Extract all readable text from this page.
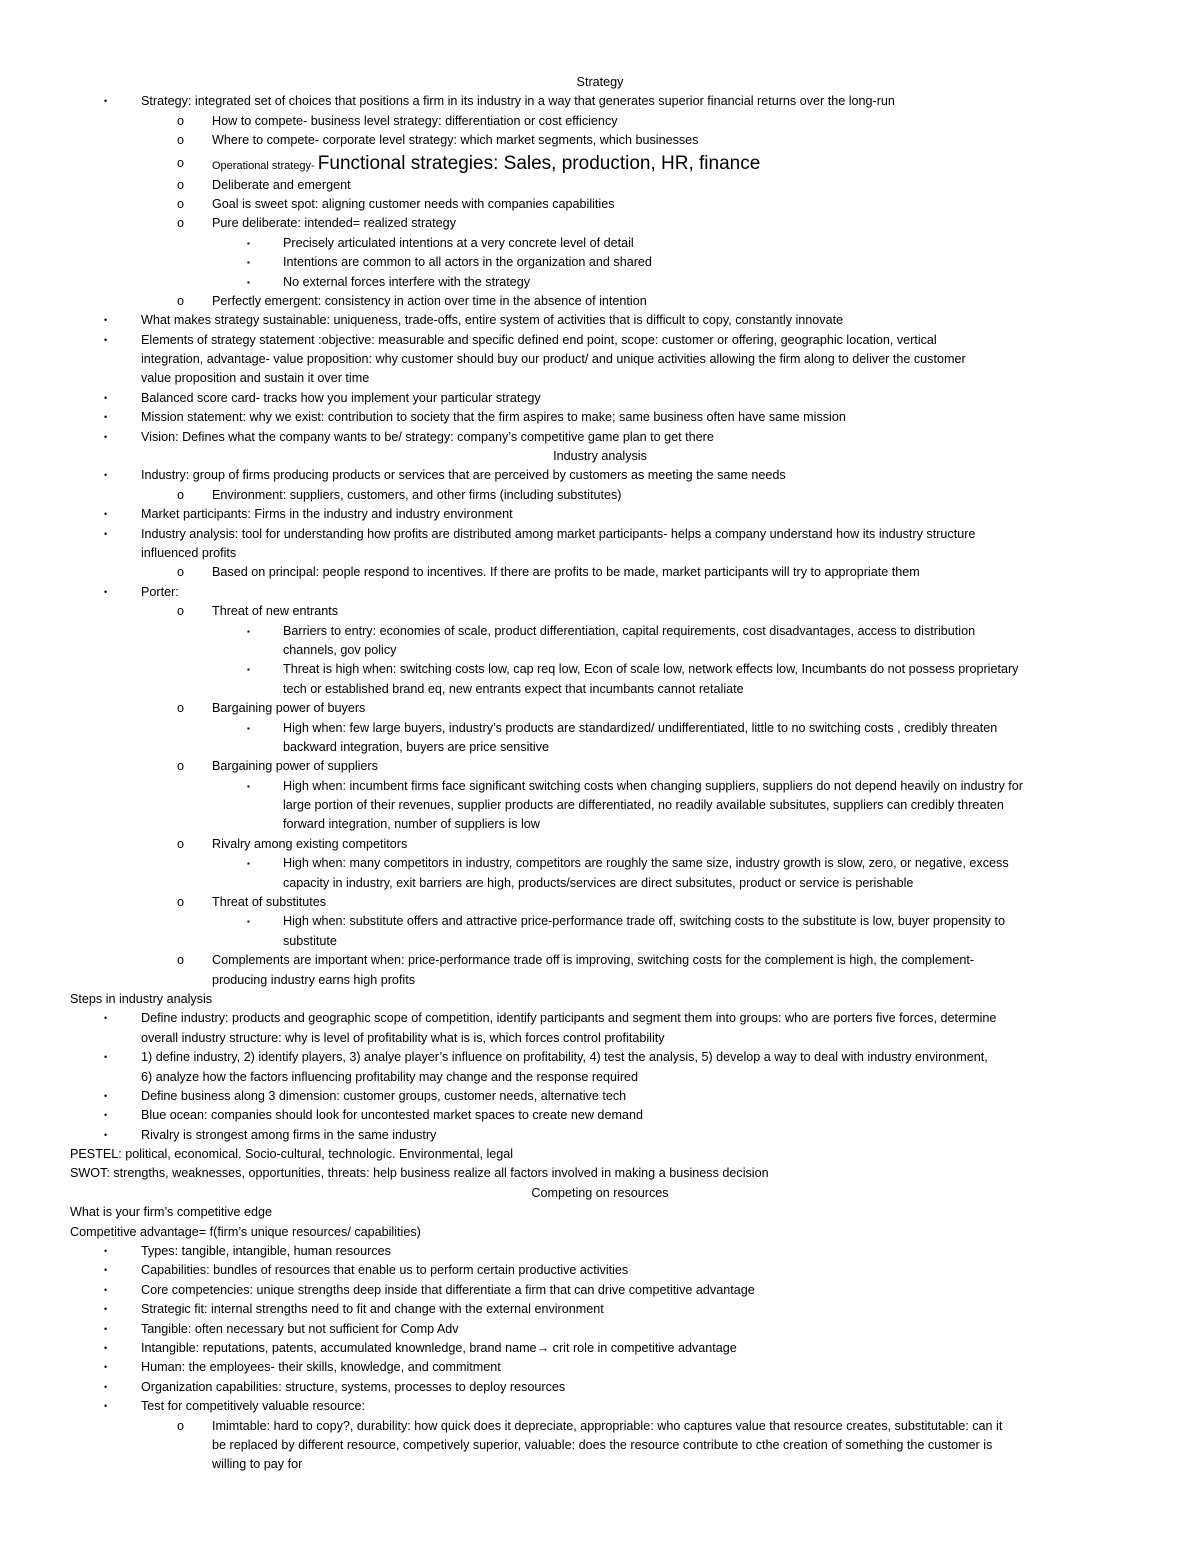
Strategy
•	Strategy: integrated set of choices that positions a firm in its industry in a way that generates superior financial returns over the long-run
o How to compete- business level strategy: differentiation or cost efficiency
o Where to compete- corporate level strategy: which market segments, which businesses
o	Operational strategy- Functional strategies: Sales, production, HR, finance
o Deliberate and emergent
o Goal is sweet spot: aligning customer needs with companies capabilities
o Pure deliberate: intended= realized strategy
▪	Precisely articulated intentions at a very concrete level of detail
▪	Intentions are common to all actors in the organization and shared
▪	No external forces interfere with the strategy
o Perfectly emergent: consistency in action over time in the absence of intention
•	What makes strategy sustainable: uniqueness, trade-offs, entire system of activities that is difficult to copy, constantly innovate
•	Elements of strategy statement :objective: measurable and specific defined end point, scope: customer or offering, geographic location, vertical
integration, advantage- value proposition: why customer should buy our product/ and unique activities allowing the firm along to deliver the customer
value proposition and sustain it over time
•	Balanced score card- tracks how you implement your particular strategy
•	Mission statement: why we exist: contribution to society that the firm aspires to make; same business often have same mission
•	Vision: Defines what the company wants to be/ strategy: company’s competitive game plan to get there
Industry analysis
•	Industry: group of firms producing products or services that are perceived by customers as meeting the same needs
o Environment: suppliers, customers, and other firms (including substitutes)
•	Market participants: Firms in the industry and industry environment
•	Industry analysis: tool for understanding how profits are distributed among market participants- helps a company understand how its industry structure
influenced profits
o Based on principal: people respond to incentives. If there are profits to be made, market participants will try to appropriate them
•	Porter:
o Threat of new entrants
▪	Barriers to entry: economies of scale, product differentiation, capital requirements, cost disadvantages, access to distribution
channels, gov policy
▪	Threat is high when: switching costs low, cap req low, Econ of scale low, network effects low, Incumbants do not possess proprietary
tech or established brand eq, new entrants expect that incumbants cannot retaliate
o Bargaining power of buyers
▪	High when: few large buyers, industry’s products are standardized/ undifferentiated, little to no switching costs , credibly threaten
backward integration, buyers are price sensitive
o Bargaining power of suppliers
▪	High when: incumbent firms face significant switching costs when changing suppliers, suppliers do not depend heavily on industry for
large portion of their revenues, supplier products are differentiated, no readily available subsitutes, suppliers can credibly threaten
forward integration, number of suppliers is low
o Rivalry among existing competitors
▪	High when: many competitors in industry, competitors are roughly the same size, industry growth is slow, zero, or negative, excess
capacity in industry, exit barriers are high, products/services are direct subsitutes, product or service is perishable
o Threat of substitutes
▪	High when: substitute offers and attractive price-performance trade off, switching costs to the substitute is low, buyer propensity to
substitute
o Complements are important when: price-performance trade off is improving, switching costs for the complement is high, the complement-
producing industry earns high profits
Steps in industry analysis
•	Define industry: products and geographic scope of competition, identify participants and segment them into groups: who are porters five forces, determine
overall industry structure: why is level of profitability what is is, which forces control profitability
•	1) define industry, 2) identify players, 3) analye player’s influence on profitability, 4) test the analysis, 5) develop a way to deal with industry environment,
6) analyze how the factors influencing profitability may change and the response required
•	Define business along 3 dimension: customer groups, customer needs, alternative tech
•	Blue ocean: companies should look for uncontested market spaces to create new demand
•	Rivalry is strongest among firms in the same industry
PESTEL: political, economical. Socio-cultural, technologic. Environmental, legal
SWOT: strengths, weaknesses, opportunities, threats: help business realize all factors involved in making a business decision
Competing on resources
What is your firm’s competitive edge
Competitive advantage= f(firm’s unique resources/ capabilities)
•	Types: tangible, intangible, human resources
•	Capabilities: bundles of resources that enable us to perform certain productive activities
•	Core competencies: unique strengths deep inside that differentiate a firm that can drive competitive advantage
•	Strategic fit: internal strengths need to fit and change with the external environment
•	Tangible: often necessary but not sufficient for Comp Adv
•	Intangible: reputations, patents, accumulated knownledge, brand name→ crit role in competitive advantage
•	Human: the employees- their skills, knowledge, and commitment
•	Organization capabilities: structure, systems, processes to deploy resources
•	Test for competitively valuable resource:
o Imimtable: hard to copy?, durability: how quick does it depreciate, appropriable: who captures value that resource creates, substitutable: can it
be replaced by different resource, competively superior, valuable: does the resource contribute to cthe creation of something the customer is
willing to pay for
